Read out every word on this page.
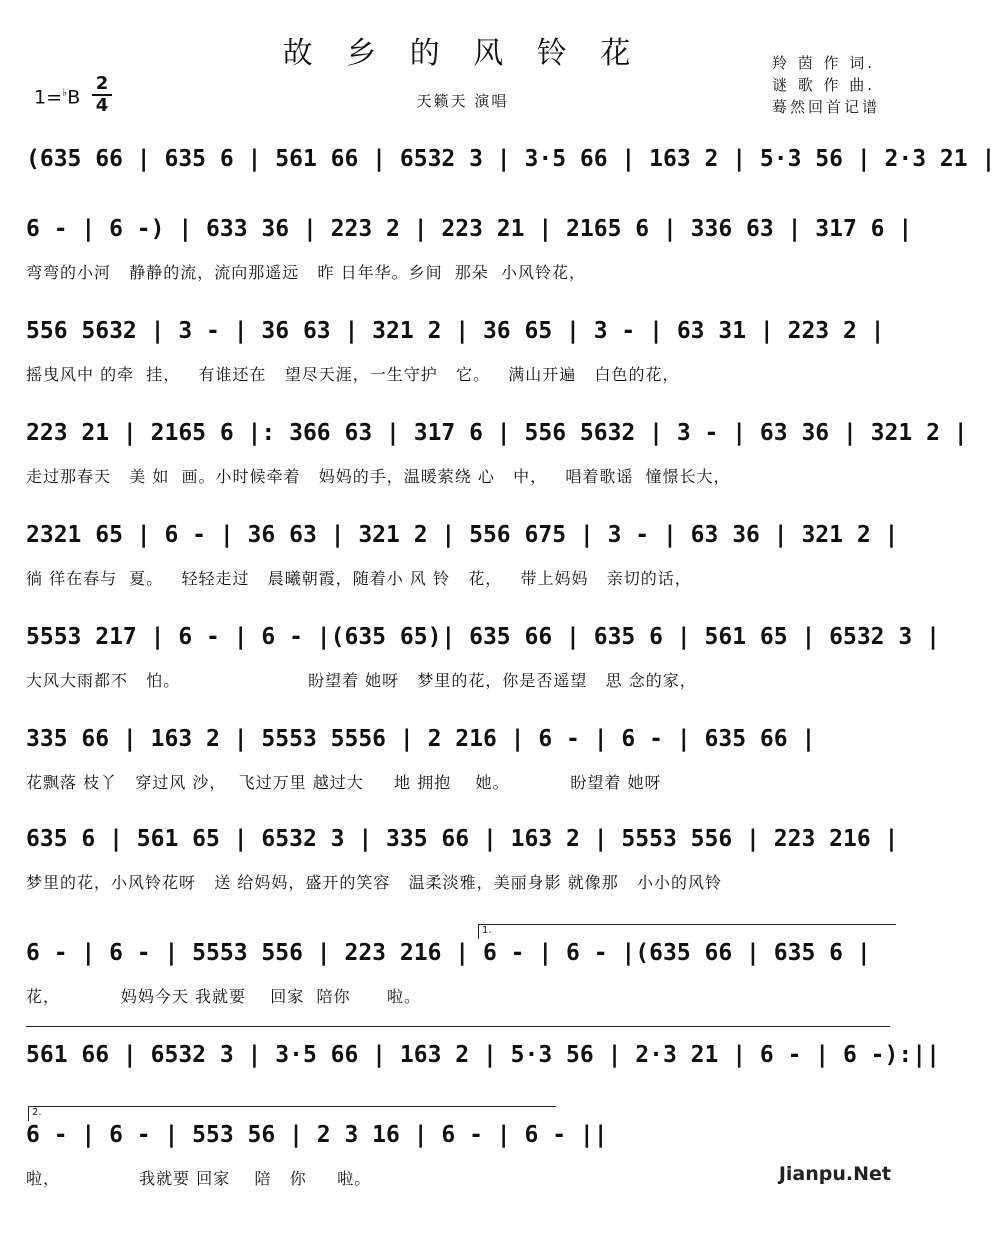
故 乡 的 风 铃 花
天籁天 演唱
羚 茵 作 词.
谜 歌 作 曲.
蓦然回首记谱
$1=^♭B \frac{2}{4}$
(635 66 | 635 6 | 561 66 | 6532 3 | 3·5 66 | 163 2 | 5·3 56 | 2·3 21 |
6 - | 6 -) | 633 36 | 223 2 | 223 21 | 2165 6 | 336 63 | 317 6 |
弯弯的小河   静静的流，流向那遥远   昨 日年华。乡间  那朵  小风铃花，
556 5632 | 3 - | 36 63 | 321 2 | 36 65 | 3 - | 63 31 | 223 2 |
摇曳风中 的牵  挂，   有谁还在   望尽天涯，一生守护   它。   满山开遍   白色的花，
223 21 | 2165 6 |: 366 63 | 317 6 | 556 5632 | 3 - | 63 36 | 321 2 |
走过那春天   美 如  画。小时候牵着   妈妈的手，温暖萦绕 心   中，   唱着歌谣  憧憬长大，
2321 65 | 6 - | 36 63 | 321 2 | 556 675 | 3 - | 63 36 | 321 2 |
徜 徉在春与  夏。   轻轻走过   晨曦朝霞，随着小 风 铃   花，   带上妈妈   亲切的话，
5553 217 | 6 - | 6 - |(635 65)| 635 66 | 635 6 | 561 65 | 6532 3 |
大风大雨都不   怕。                     盼望着 她呀   梦里的花，你是否遥望   思 念的家，
335 66 | 163 2 | 5553 5556 | 2 216 | 6 - | 6 - | 635 66 |
花飘落 枝丫   穿过风 沙，  飞过万里 越过大     地 拥抱    她。          盼望着 她呀
635 6 | 561 65 | 6532 3 | 335 66 | 163 2 | 5553 556 | 223 216 |
梦里的花，小风铃花呀   送 给妈妈，盛开的笑容   温柔淡雅，美丽身影 就像那   小小的风铃
1.
6 - | 6 - | 5553 556 | 223 216 | 6 - | 6 - |(635 66 | 635 6 |
花，          妈妈今天 我就要    回家  陪你      啦。
561 66 | 6532 3 | 3·5 66 | 163 2 | 5·3 56 | 2·3 21 | 6 - | 6 -):||
2.
6 - | 6 - | 553 56 | 2 3 16 | 6 - | 6 - ||
啦，             我就要 回家    陪   你     啦。	Jianpu.Net
